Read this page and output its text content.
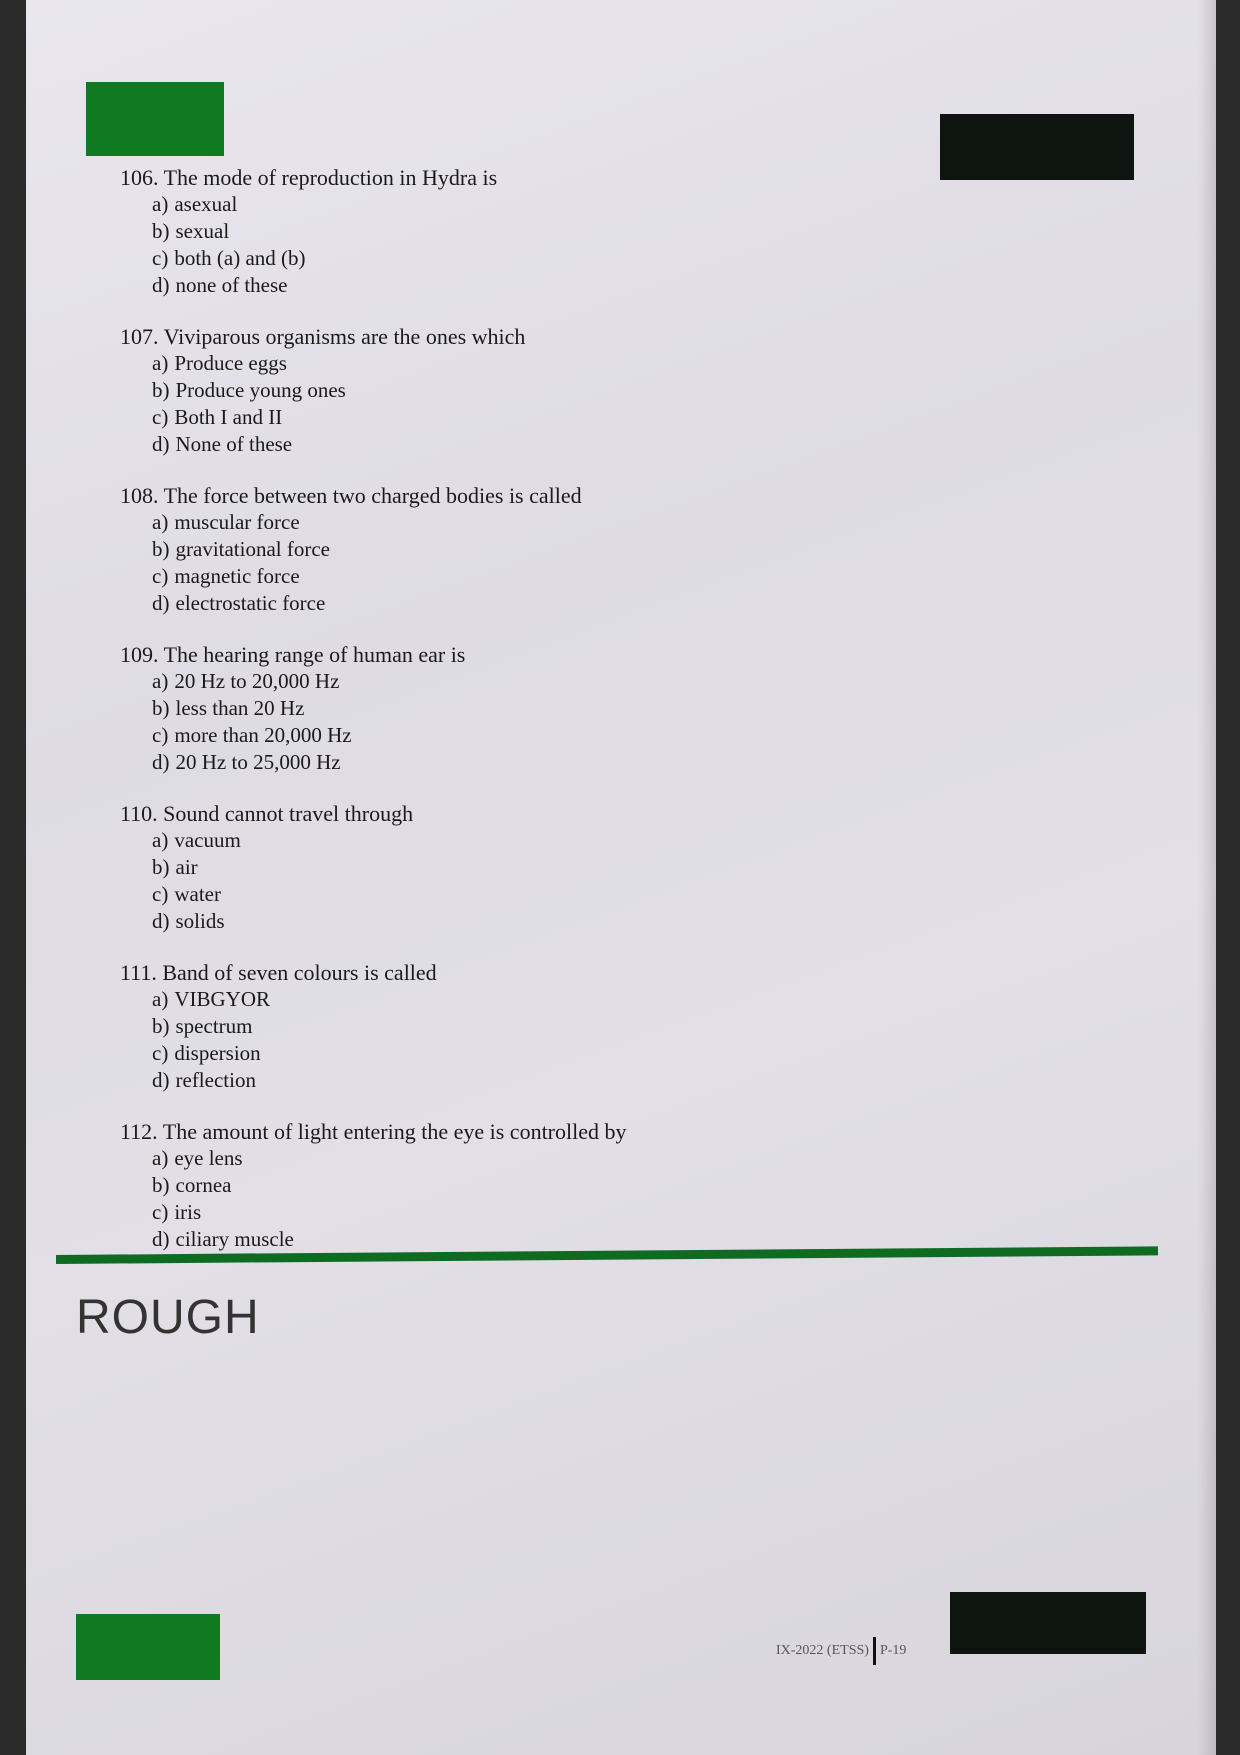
106. The mode of reproduction in Hydra is
a) asexual
b) sexual
c) both (a) and (b)
d) none of these
107. Viviparous organisms are the ones which
a) Produce eggs
b) Produce young ones
c) Both I and II
d) None of these
108. The force between two charged bodies is called
a) muscular force
b) gravitational force
c) magnetic force
d) electrostatic force
109. The hearing range of human ear is
a) 20 Hz to 20,000 Hz
b) less than 20 Hz
c) more than 20,000 Hz
d) 20 Hz to 25,000 Hz
110. Sound cannot travel through
a) vacuum
b) air
c) water
d) solids
111. Band of seven colours is called
a) VIBGYOR
b) spectrum
c) dispersion
d) reflection
112. The amount of light entering the eye is controlled by
a) eye lens
b) cornea
c) iris
d) ciliary muscle
ROUGH
IX-2022 (ETSS) P-19
